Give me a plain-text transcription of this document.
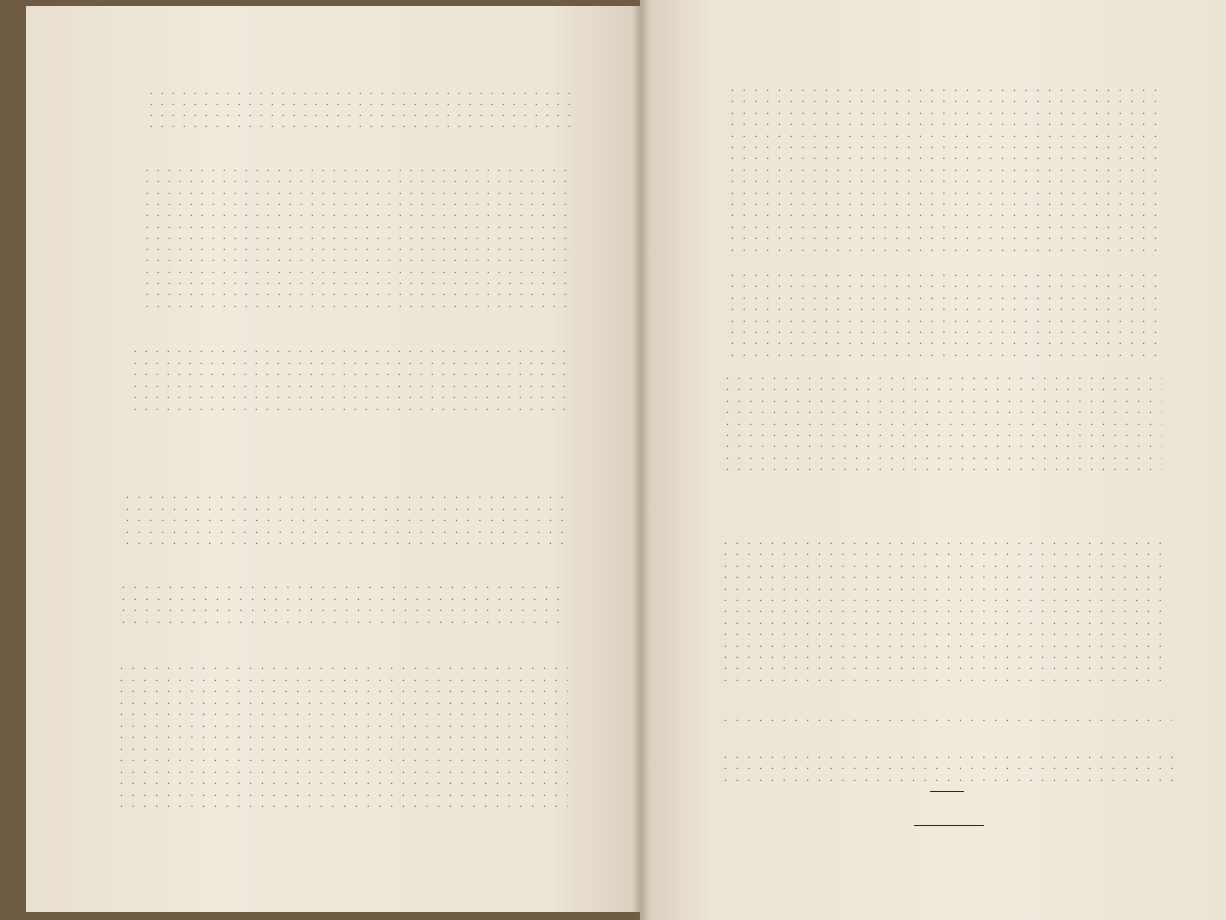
. . .
. . .
. . .
. . .
. . .
. . .
. . .
. . .
. . .
. . .
. . .
. . .
. . .
. . .
. . .
. . .
. . .
. . .
. . .
. . .
. . .
. . .
. . .
. . .
. . .
. . .
. . .
. . .
. . .
. . .
. . .
. . .
. . .
. . .
. . .
. . .
. . .
. . .
. . .
. . .
. . .
. . .
. . .
. . .
. . .
. . .
. . .
. . .
. . .
. . .
. . .
. . .
. . .
. . .
. . .
. . .
. . .
. . .
. . .
. . .
. . .
. . .
. . .
. . .
. . .
. . .
. . .
. . .
. . .
. . .
. . .
. . .
. . .
. . .
. . .
. . .
. . .
. . .
. . .
. . .
. . .
. . .
. . .
. . .
. . .
. . .
. . .
. . .
. . .
. . .
. . .
. . .
. . .
. . .
